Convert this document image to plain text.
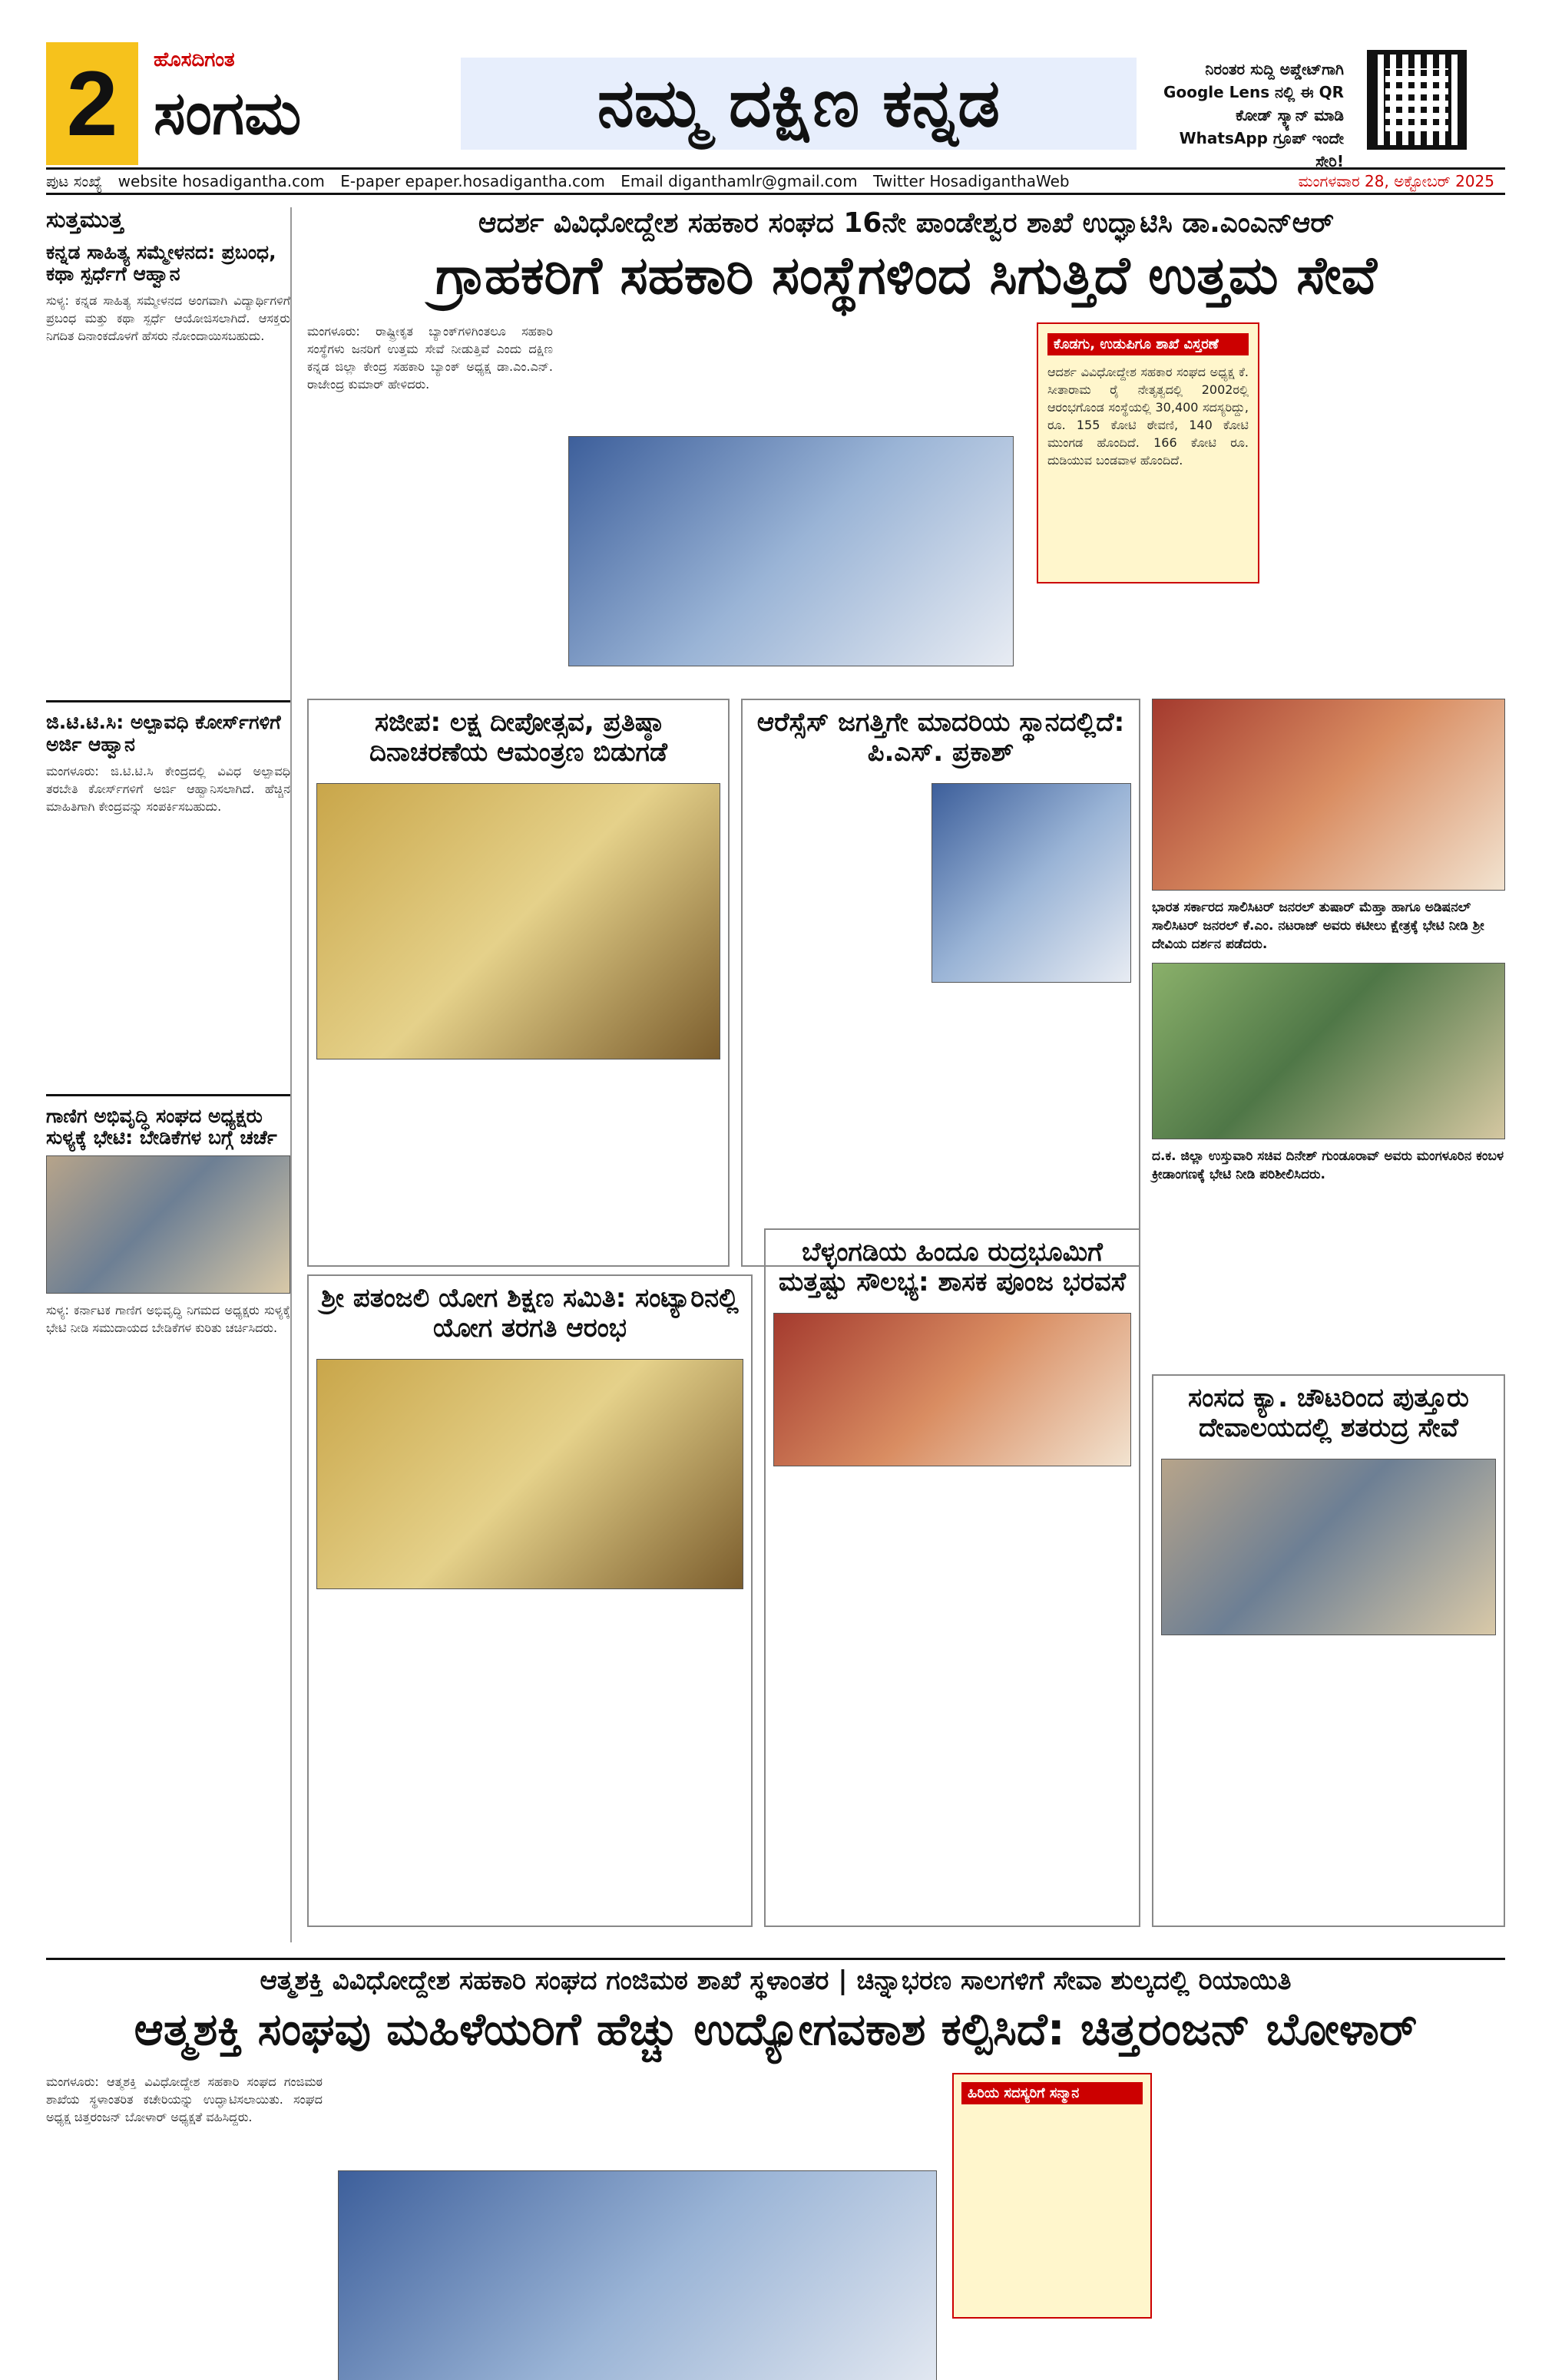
2	ಹೊಸದಿಗಂತ
ಸಂಗಮ	ನಮ್ಮ ದಕ್ಷಿಣ ಕನ್ನಡ	ನಿರಂತರ ಸುದ್ದಿ ಅಪ್ಡೇಟ್‌ಗಾಗಿ Google Lens ನಲ್ಲಿ ಈ QR ಕೋಡ್ ಸ್ಕ್ಯಾನ್ ಮಾಡಿ WhatsApp ಗ್ರೂಪ್ ಇಂದೇ ಸೇರಿ!
ಪುಟ ಸಂಖ್ಯೆ website hosadigantha.com E-paper epaper.hosadigantha.com Email diganthamlr@gmail.com Twitter HosadiganthaWeb	ಮಂಗಳವಾರ 28, ಅಕ್ಟೋಬರ್ 2025
ಸುತ್ತಮುತ್ತ
ಕನ್ನಡ ಸಾಹಿತ್ಯ ಸಮ್ಮೇಳನದ: ಪ್ರಬಂಧ, ಕಥಾ ಸ್ಪರ್ಧೆಗೆ ಆಹ್ವಾನ
ಸುಳ್ಯ: ಕನ್ನಡ ಸಾಹಿತ್ಯ ಸಮ್ಮೇಳನದ ಅಂಗವಾಗಿ ವಿದ್ಯಾರ್ಥಿಗಳಿಗೆ ಪ್ರಬಂಧ ಮತ್ತು ಕಥಾ ಸ್ಪರ್ಧೆ ಆಯೋಜಿಸಲಾಗಿದೆ. ಆಸಕ್ತರು ನಿಗದಿತ ದಿನಾಂಕದೊಳಗೆ ಹೆಸರು ನೋಂದಾಯಿಸಬಹುದು.
ಜಿ.ಟಿ.ಟಿ.ಸಿ: ಅಲ್ಪಾವಧಿ ಕೋರ್ಸ್‌ಗಳಿಗೆ ಅರ್ಜಿ ಆಹ್ವಾನ
ಮಂಗಳೂರು: ಜಿ.ಟಿ.ಟಿ.ಸಿ ಕೇಂದ್ರದಲ್ಲಿ ವಿವಿಧ ಅಲ್ಪಾವಧಿ ತರಬೇತಿ ಕೋರ್ಸ್‌ಗಳಿಗೆ ಅರ್ಜಿ ಆಹ್ವಾನಿಸಲಾಗಿದೆ. ಹೆಚ್ಚಿನ ಮಾಹಿತಿಗಾಗಿ ಕೇಂದ್ರವನ್ನು ಸಂಪರ್ಕಿಸಬಹುದು.
ಗಾಣಿಗ ಅಭಿವೃದ್ಧಿ ಸಂಘದ ಅಧ್ಯಕ್ಷರು ಸುಳ್ಯಕ್ಕೆ ಭೇಟಿ: ಬೇಡಿಕೆಗಳ ಬಗ್ಗೆ ಚರ್ಚೆ
ಸುಳ್ಯ: ಕರ್ನಾಟಕ ಗಾಣಿಗ ಅಭಿವೃದ್ಧಿ ನಿಗಮದ ಅಧ್ಯಕ್ಷರು ಸುಳ್ಯಕ್ಕೆ ಭೇಟಿ ನೀಡಿ ಸಮುದಾಯದ ಬೇಡಿಕೆಗಳ ಕುರಿತು ಚರ್ಚಿಸಿದರು.
ಆದರ್ಶ ವಿವಿಧೋದ್ದೇಶ ಸಹಕಾರ ಸಂಘದ 16ನೇ ಪಾಂಡೇಶ್ವರ ಶಾಖೆ ಉದ್ಘಾಟಿಸಿ ಡಾ.ಎಂಎನ್‌ಆರ್
ಗ್ರಾಹಕರಿಗೆ ಸಹಕಾರಿ ಸಂಸ್ಥೆಗಳಿಂದ ಸಿಗುತ್ತಿದೆ ಉತ್ತಮ ಸೇವೆ
ಮಂಗಳೂರು: ರಾಷ್ಟ್ರೀಕೃತ ಬ್ಯಾಂಕ್‌ಗಳಿಗಿಂತಲೂ ಸಹಕಾರಿ ಸಂಸ್ಥೆಗಳು ಜನರಿಗೆ ಉತ್ತಮ ಸೇವೆ ನೀಡುತ್ತಿವೆ ಎಂದು ದಕ್ಷಿಣ ಕನ್ನಡ ಜಿಲ್ಲಾ ಕೇಂದ್ರ ಸಹಕಾರಿ ಬ್ಯಾಂಕ್ ಅಧ್ಯಕ್ಷ ಡಾ.ಎಂ.ಎನ್. ರಾಜೇಂದ್ರ ಕುಮಾರ್ ಹೇಳಿದರು.
ಕೊಡಗು, ಉಡುಪಿಗೂ ಶಾಖೆ ವಿಸ್ತರಣೆ
ಆದರ್ಶ ವಿವಿಧೋದ್ದೇಶ ಸಹಕಾರ ಸಂಘದ ಅಧ್ಯಕ್ಷ ಕೆ. ಸೀತಾರಾಮ ರೈ ನೇತೃತ್ವದಲ್ಲಿ 2002ರಲ್ಲಿ ಆರಂಭಗೊಂಡ ಸಂಸ್ಥೆಯಲ್ಲಿ 30,400 ಸದಸ್ಯರಿದ್ದು, ರೂ. 155 ಕೋಟಿ ಠೇವಣಿ, 140 ಕೋಟಿ ಮುಂಗಡ ಹೊಂದಿದೆ. 166 ಕೋಟಿ ರೂ. ದುಡಿಯುವ ಬಂಡವಾಳ ಹೊಂದಿದೆ.
ಸಜೀಪ: ಲಕ್ಷ ದೀಪೋತ್ಸವ, ಪ್ರತಿಷ್ಠಾ ದಿನಾಚರಣೆಯ ಆಮಂತ್ರಣ ಬಿಡುಗಡೆ
ಆರೆಸ್ಸೆಸ್ ಜಗತ್ತಿಗೇ ಮಾದರಿಯ ಸ್ಥಾನದಲ್ಲಿದೆ: ಪಿ.ಎಸ್. ಪ್ರಕಾಶ್
ಭಾರತ ಸರ್ಕಾರದ ಸಾಲಿಸಿಟರ್ ಜನರಲ್ ತುಷಾರ್ ಮೆಹ್ತಾ ಹಾಗೂ ಅಡಿಷನಲ್ ಸಾಲಿಸಿಟರ್ ಜನರಲ್ ಕೆ.ಎಂ. ನಟರಾಜ್ ಅವರು ಕಟೀಲು ಕ್ಷೇತ್ರಕ್ಕೆ ಭೇಟಿ ನೀಡಿ ಶ್ರೀ ದೇವಿಯ ದರ್ಶನ ಪಡೆದರು.
ದ.ಕ. ಜಿಲ್ಲಾ ಉಸ್ತುವಾರಿ ಸಚಿವ ದಿನೇಶ್ ಗುಂಡೂರಾವ್ ಅವರು ಮಂಗಳೂರಿನ ಕಂಬಳ ಕ್ರೀಡಾಂಗಣಕ್ಕೆ ಭೇಟಿ ನೀಡಿ ಪರಿಶೀಲಿಸಿದರು.
ಶ್ರೀ ಪತಂಜಲಿ ಯೋಗ ಶಿಕ್ಷಣ ಸಮಿತಿ: ಸಂಟ್ಯಾರಿನಲ್ಲಿ ಯೋಗ ತರಗತಿ ಆರಂಭ
ಬೆಳ್ಳಂಗಡಿಯ ಹಿಂದೂ ರುದ್ರಭೂಮಿಗೆ ಮತ್ತಷ್ಟು ಸೌಲಭ್ಯ: ಶಾಸಕ ಪೂಂಜ ಭರವಸೆ
ಸಂಸದ ಕ್ಯಾ. ಚೌಟರಿಂದ ಪುತ್ತೂರು ದೇವಾಲಯದಲ್ಲಿ ಶತರುದ್ರ ಸೇವೆ
ಆತ್ಮಶಕ್ತಿ ವಿವಿಧೋದ್ದೇಶ ಸಹಕಾರಿ ಸಂಘದ ಗಂಜಿಮಠ ಶಾಖೆ ಸ್ಥಳಾಂತರ | ಚಿನ್ನಾಭರಣ ಸಾಲಗಳಿಗೆ ಸೇವಾ ಶುಲ್ಕದಲ್ಲಿ ರಿಯಾಯಿತಿ
ಆತ್ಮಶಕ್ತಿ ಸಂಘವು ಮಹಿಳೆಯರಿಗೆ ಹೆಚ್ಚು ಉದ್ಯೋಗವಕಾಶ ಕಲ್ಪಿಸಿದೆ: ಚಿತ್ತರಂಜನ್ ಬೋಳಾರ್
ಮಂಗಳೂರು: ಆತ್ಮಶಕ್ತಿ ವಿವಿಧೋದ್ದೇಶ ಸಹಕಾರಿ ಸಂಘದ ಗಂಜಿಮಠ ಶಾಖೆಯ ಸ್ಥಳಾಂತರಿತ ಕಚೇರಿಯನ್ನು ಉದ್ಘಾಟಿಸಲಾಯಿತು. ಸಂಘದ ಅಧ್ಯಕ್ಷ ಚಿತ್ತರಂಜನ್ ಬೋಳಾರ್ ಅಧ್ಯಕ್ಷತೆ ವಹಿಸಿದ್ದರು.
ಹಿರಿಯ ಸದಸ್ಯರಿಗೆ ಸನ್ಮಾನ
